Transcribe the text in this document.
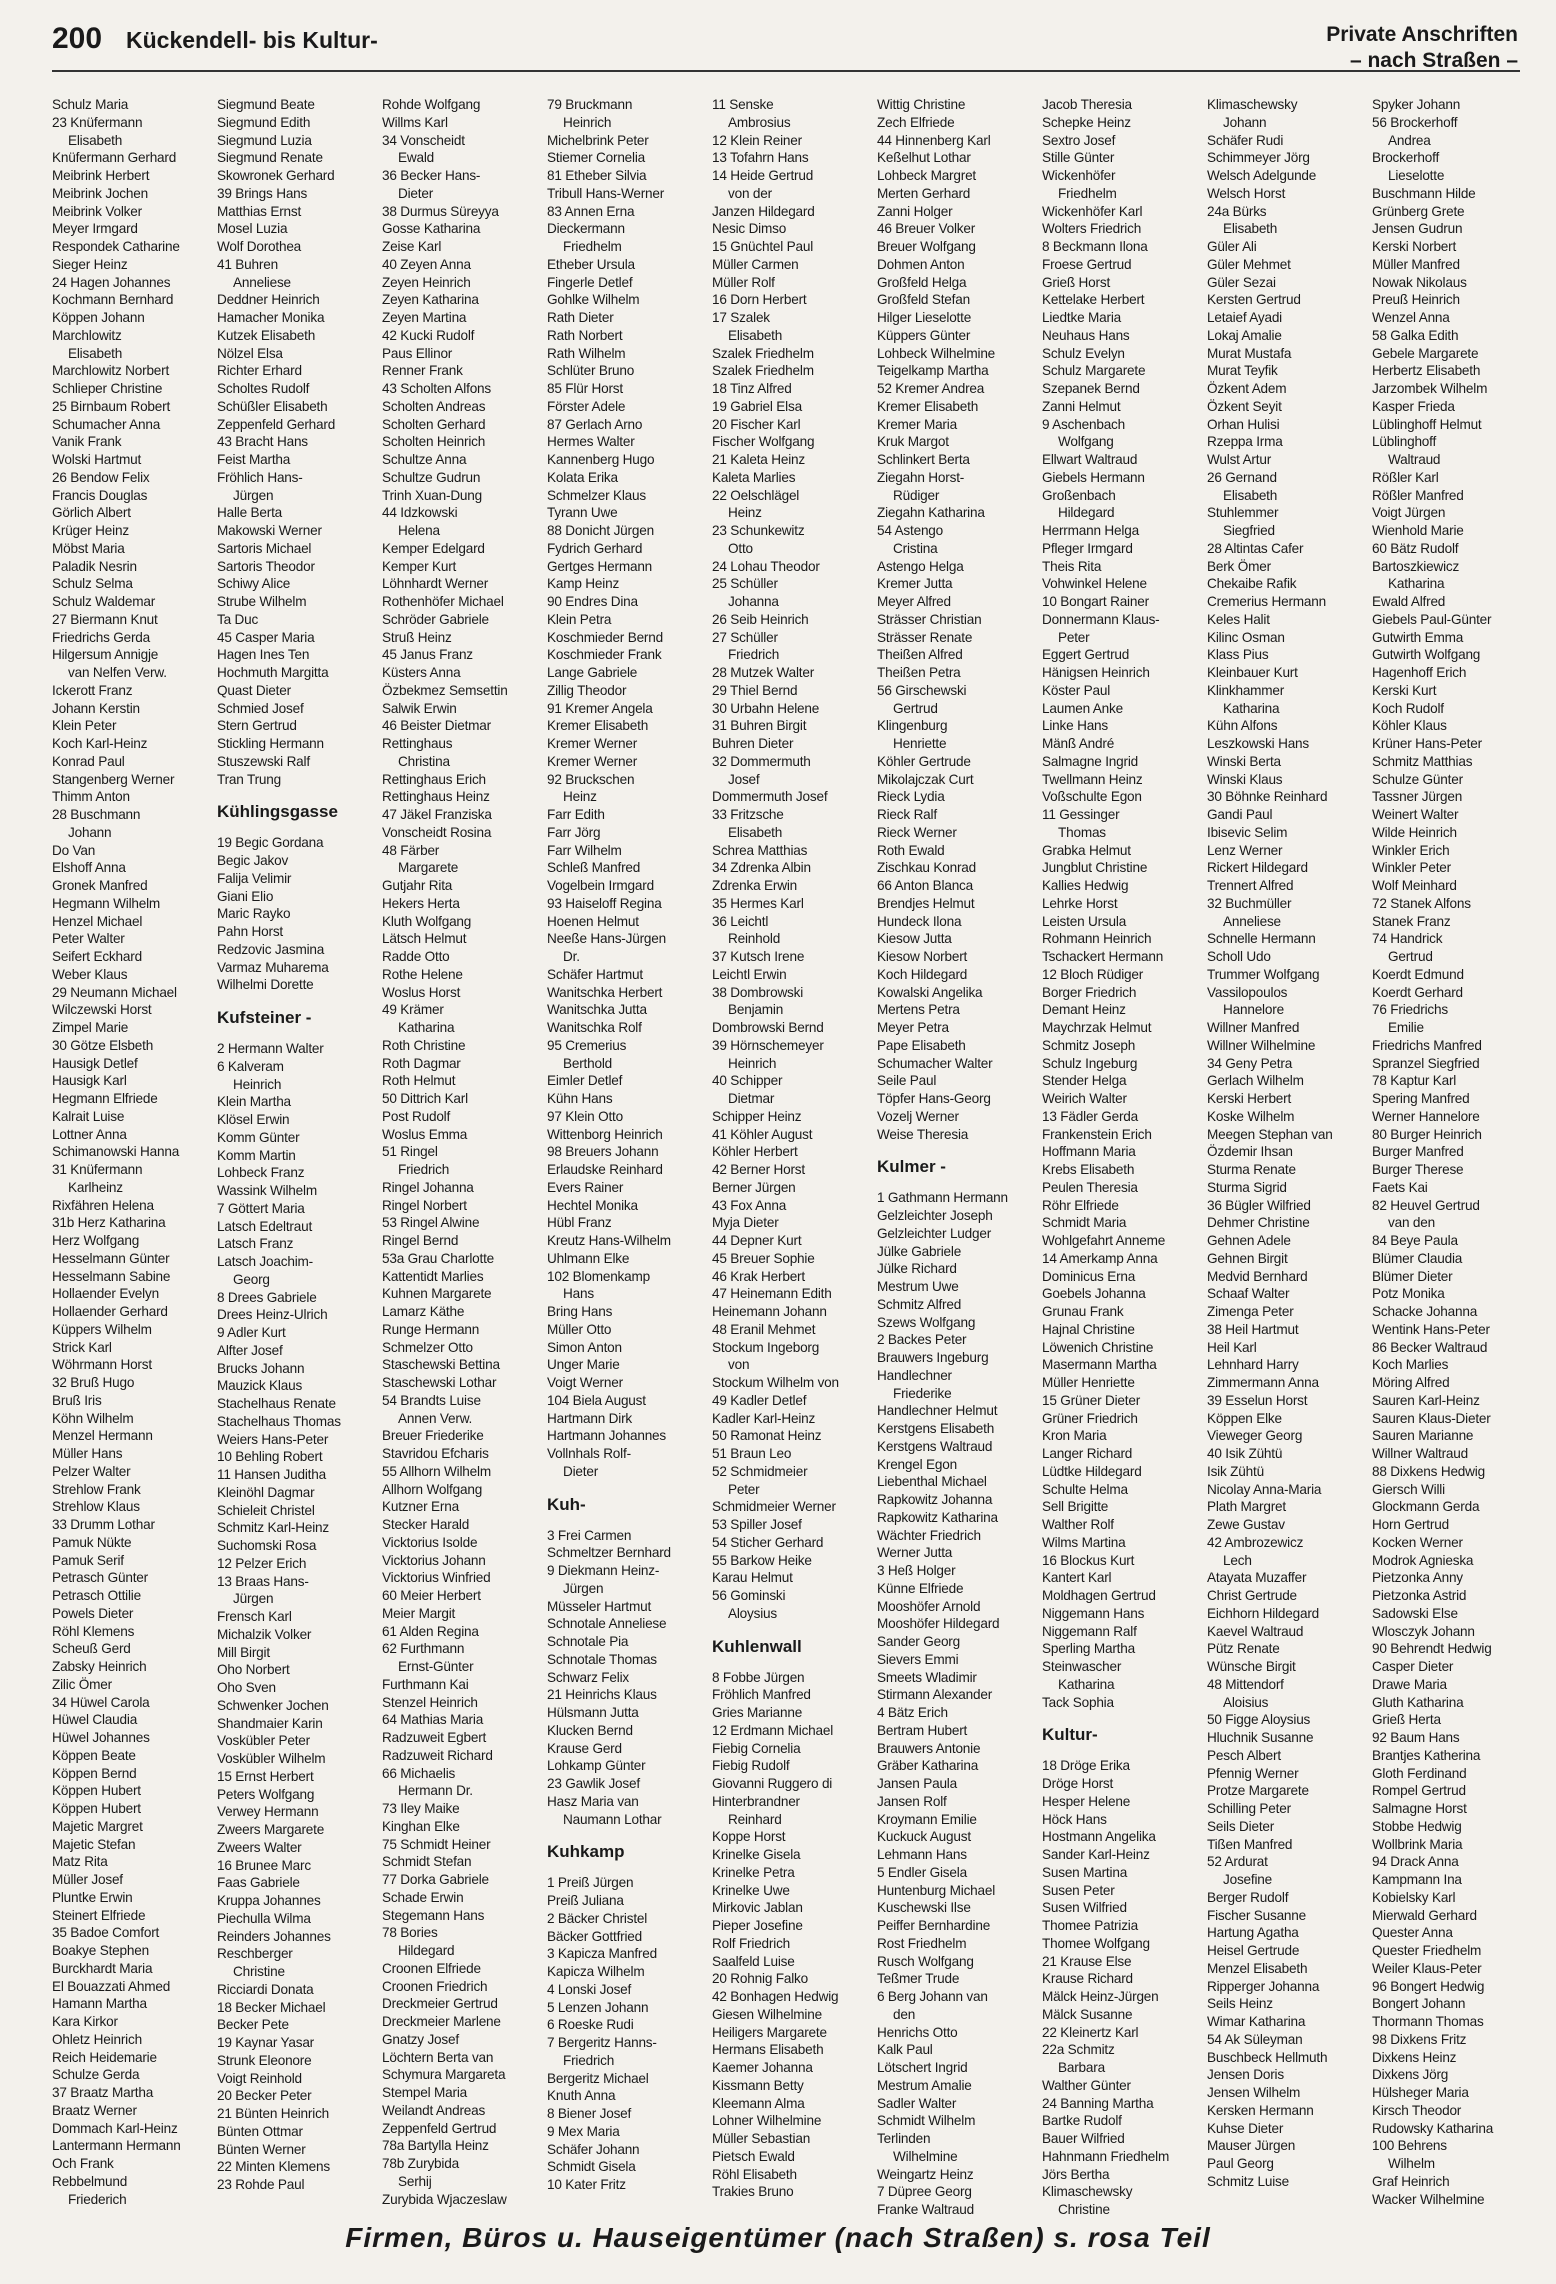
200 Kückendell- bis Kultur-	Private Anschriften
– nach Straßen –
Schulz Maria
23 Knüfermann
Elisabeth
Knüfermann Gerhard
Meibrink Herbert
Meibrink Jochen
Meibrink Volker
Meyer Irmgard
Respondek Catharine
Sieger Heinz
24 Hagen Johannes
Kochmann Bernhard
Köppen Johann
Marchlowitz
Elisabeth
Marchlowitz Norbert
Schlieper Christine
25 Birnbaum Robert
Schumacher Anna
Vanik Frank
Wolski Hartmut
26 Bendow Felix
Francis Douglas
Görlich Albert
Krüger Heinz
Möbst Maria
Paladik Nesrin
Schulz Selma
Schulz Waldemar
27 Biermann Knut
Friedrichs Gerda
Hilgersum Annigje
van Nelfen Verw.
Ickerott Franz
Johann Kerstin
Klein Peter
Koch Karl-Heinz
Konrad Paul
Stangenberg Werner
Thimm Anton
28 Buschmann
Johann
Do Van
Elshoff Anna
Gronek Manfred
Hegmann Wilhelm
Henzel Michael
Peter Walter
Seifert Eckhard
Weber Klaus
29 Neumann Michael
Wilczewski Horst
Zimpel Marie
30 Götze Elsbeth
Hausigk Detlef
Hausigk Karl
Hegmann Elfriede
Kalrait Luise
Lottner Anna
Schimanowski Hanna
31 Knüfermann
Karlheinz
Rixfähren Helena
31b Herz Katharina
Herz Wolfgang
Hesselmann Günter
Hesselmann Sabine
Hollaender Evelyn
Hollaender Gerhard
Küppers Wilhelm
Strick Karl
Wöhrmann Horst
32 Bruß Hugo
Bruß Iris
Köhn Wilhelm
Menzel Hermann
Müller Hans
Pelzer Walter
Strehlow Frank
Strehlow Klaus
33 Drumm Lothar
Pamuk Nükte
Pamuk Serif
Petrasch Günter
Petrasch Ottilie
Powels Dieter
Röhl Klemens
Scheuß Gerd
Zabsky Heinrich
Zilic Ömer
34 Hüwel Carola
Hüwel Claudia
Hüwel Johannes
Köppen Beate
Köppen Bernd
Köppen Hubert
Köppen Hubert
Majetic Margret
Majetic Stefan
Matz Rita
Müller Josef
Pluntke Erwin
Steinert Elfriede
35 Badoe Comfort
Boakye Stephen
Burckhardt Maria
El Bouazzati Ahmed
Hamann Martha
Kara Kirkor
Ohletz Heinrich
Reich Heidemarie
Schulze Gerda
37 Braatz Martha
Braatz Werner
Dommach Karl-Heinz
Lantermann Hermann
Och Frank
Rebbelmund
Friederich
Siegmund Beate
Siegmund Edith
Siegmund Luzia
Siegmund Renate
Skowronek Gerhard
39 Brings Hans
Matthias Ernst
Mosel Luzia
Wolf Dorothea
41 Buhren
Anneliese
Deddner Heinrich
Hamacher Monika
Kutzek Elisabeth
Nölzel Elsa
Richter Erhard
Scholtes Rudolf
Schüßler Elisabeth
Zeppenfeld Gerhard
43 Bracht Hans
Feist Martha
Fröhlich Hans-
Jürgen
Halle Berta
Makowski Werner
Sartoris Michael
Sartoris Theodor
Schiwy Alice
Strube Wilhelm
Ta Duc
45 Casper Maria
Hagen Ines Ten
Hochmuth Margitta
Quast Dieter
Schmied Josef
Stern Gertrud
Stickling Hermann
Stuszewski Ralf
Tran Trung
Kühlingsgasse
19 Begic Gordana
Begic Jakov
Falija Velimir
Giani Elio
Maric Rayko
Pahn Horst
Redzovic Jasmina
Varmaz Muharema
Wilhelmi Dorette
Kufsteiner -
2 Hermann Walter
6 Kalveram
Heinrich
Klein Martha
Klösel Erwin
Komm Günter
Komm Martin
Lohbeck Franz
Wassink Wilhelm
7 Göttert Maria
Latsch Edeltraut
Latsch Franz
Latsch Joachim-
Georg
8 Drees Gabriele
Drees Heinz-Ulrich
9 Adler Kurt
Alfter Josef
Brucks Johann
Mauzick Klaus
Stachelhaus Renate
Stachelhaus Thomas
Weiers Hans-Peter
10 Behling Robert
11 Hansen Juditha
Kleinöhl Dagmar
Schieleit Christel
Schmitz Karl-Heinz
Suchomski Rosa
12 Pelzer Erich
13 Braas Hans-
Jürgen
Frensch Karl
Michalzik Volker
Mill Birgit
Oho Norbert
Oho Sven
Schwenker Jochen
Shandmaier Karin
Voskübler Peter
Voskübler Wilhelm
15 Ernst Herbert
Peters Wolfgang
Verwey Hermann
Zweers Margarete
Zweers Walter
16 Brunee Marc
Faas Gabriele
Kruppa Johannes
Piechulla Wilma
Reinders Johannes
Reschberger
Christine
Ricciardi Donata
18 Becker Michael
Becker Pete
19 Kaynar Yasar
Strunk Eleonore
Voigt Reinhold
20 Becker Peter
21 Bünten Heinrich
Bünten Ottmar
Bünten Werner
22 Minten Klemens
23 Rohde Paul
Rohde Wolfgang
Willms Karl
34 Vonscheidt
Ewald
36 Becker Hans-
Dieter
38 Durmus Süreyya
Gosse Katharina
Zeise Karl
40 Zeyen Anna
Zeyen Heinrich
Zeyen Katharina
Zeyen Martina
42 Kucki Rudolf
Paus Ellinor
Renner Frank
43 Scholten Alfons
Scholten Andreas
Scholten Gerhard
Scholten Heinrich
Schultze Anna
Schultze Gudrun
Trinh Xuan-Dung
44 Idzkowski
Helena
Kemper Edelgard
Kemper Kurt
Löhnhardt Werner
Rothenhöfer Michael
Schröder Gabriele
Struß Heinz
45 Janus Franz
Küsters Anna
Özbekmez Semsettin
Salwik Erwin
46 Beister Dietmar
Rettinghaus
Christina
Rettinghaus Erich
Rettinghaus Heinz
47 Jäkel Franziska
Vonscheidt Rosina
48 Färber
Margarete
Gutjahr Rita
Hekers Herta
Kluth Wolfgang
Lätsch Helmut
Radde Otto
Rothe Helene
Woslus Horst
49 Krämer
Katharina
Roth Christine
Roth Dagmar
Roth Helmut
50 Dittrich Karl
Post Rudolf
Woslus Emma
51 Ringel
Friedrich
Ringel Johanna
Ringel Norbert
53 Ringel Alwine
Ringel Bernd
53a Grau Charlotte
Kattentidt Marlies
Kuhnen Margarete
Lamarz Käthe
Runge Hermann
Schmelzer Otto
Staschewski Bettina
Staschewski Lothar
54 Brandts Luise
Annen Verw.
Breuer Friederike
Stavridou Efcharis
55 Allhorn Wilhelm
Allhorn Wolfgang
Kutzner Erna
Stecker Harald
Vicktorius Isolde
Vicktorius Johann
Vicktorius Winfried
60 Meier Herbert
Meier Margit
61 Alden Regina
62 Furthmann
Ernst-Günter
Furthmann Kai
Stenzel Heinrich
64 Mathias Maria
Radzuweit Egbert
Radzuweit Richard
66 Michaelis
Hermann Dr.
73 Iley Maike
Kinghan Elke
75 Schmidt Heiner
Schmidt Stefan
77 Dorka Gabriele
Schade Erwin
Stegemann Hans
78 Bories
Hildegard
Croonen Elfriede
Croonen Friedrich
Dreckmeier Gertrud
Dreckmeier Marlene
Gnatzy Josef
Löchtern Berta van
Schymura Margareta
Stempel Maria
Weilandt Andreas
Zeppenfeld Gertrud
78a Bartylla Heinz
78b Zurybida
Serhij
Zurybida Wjaczeslaw
79 Bruckmann
Heinrich
Michelbrink Peter
Stiemer Cornelia
81 Etheber Silvia
Tribull Hans-Werner
83 Annen Erna
Dieckermann
Friedhelm
Etheber Ursula
Fingerle Detlef
Gohlke Wilhelm
Rath Dieter
Rath Norbert
Rath Wilhelm
Schlüter Bruno
85 Flür Horst
Förster Adele
87 Gerlach Arno
Hermes Walter
Kannenberg Hugo
Kolata Erika
Schmelzer Klaus
Tyrann Uwe
88 Donicht Jürgen
Fydrich Gerhard
Gertges Hermann
Kamp Heinz
90 Endres Dina
Klein Petra
Koschmieder Bernd
Koschmieder Frank
Lange Gabriele
Zillig Theodor
91 Kremer Angela
Kremer Elisabeth
Kremer Werner
Kremer Werner
92 Bruckschen
Heinz
Farr Edith
Farr Jörg
Farr Wilhelm
Schleß Manfred
Vogelbein Irmgard
93 Haiseloff Regina
Hoenen Helmut
Neeße Hans-Jürgen
Dr.
Schäfer Hartmut
Wanitschka Herbert
Wanitschka Jutta
Wanitschka Rolf
95 Cremerius
Berthold
Eimler Detlef
Kühn Hans
97 Klein Otto
Wittenborg Heinrich
98 Breuers Johann
Erlaudske Reinhard
Evers Rainer
Hechtel Monika
Hübl Franz
Kreutz Hans-Wilhelm
Uhlmann Elke
102 Blomenkamp
Hans
Bring Hans
Müller Otto
Simon Anton
Unger Marie
Voigt Werner
104 Biela August
Hartmann Dirk
Hartmann Johannes
Vollnhals Rolf-
Dieter
Kuh-
3 Frei Carmen
Schmeltzer Bernhard
9 Diekmann Heinz-
Jürgen
Müsseler Hartmut
Schnotale Anneliese
Schnotale Pia
Schnotale Thomas
Schwarz Felix
21 Heinrichs Klaus
Hülsmann Jutta
Klucken Bernd
Krause Gerd
Lohkamp Günter
23 Gawlik Josef
Hasz Maria van
Naumann Lothar
Kuhkamp
1 Preiß Jürgen
Preiß Juliana
2 Bäcker Christel
Bäcker Gottfried
3 Kapicza Manfred
Kapicza Wilhelm
4 Lonski Josef
5 Lenzen Johann
6 Roeske Rudi
7 Bergeritz Hanns-
Friedrich
Bergeritz Michael
Knuth Anna
8 Biener Josef
9 Mex Maria
Schäfer Johann
Schmidt Gisela
10 Kater Fritz
11 Senske
Ambrosius
12 Klein Reiner
13 Tofahrn Hans
14 Heide Gertrud
von der
Janzen Hildegard
Nesic Dimso
15 Gnüchtel Paul
Müller Carmen
Müller Rolf
16 Dorn Herbert
17 Szalek
Elisabeth
Szalek Friedhelm
Szalek Friedhelm
18 Tinz Alfred
19 Gabriel Elsa
20 Fischer Karl
Fischer Wolfgang
21 Kaleta Heinz
Kaleta Marlies
22 Oelschlägel
Heinz
23 Schunkewitz
Otto
24 Lohau Theodor
25 Schüller
Johanna
26 Seib Heinrich
27 Schüller
Friedrich
28 Mutzek Walter
29 Thiel Bernd
30 Urbahn Helene
31 Buhren Birgit
Buhren Dieter
32 Dommermuth
Josef
Dommermuth Josef
33 Fritzsche
Elisabeth
Schrea Matthias
34 Zdrenka Albin
Zdrenka Erwin
35 Hermes Karl
36 Leichtl
Reinhold
37 Kutsch Irene
Leichtl Erwin
38 Dombrowski
Benjamin
Dombrowski Bernd
39 Hörnschemeyer
Heinrich
40 Schipper
Dietmar
Schipper Heinz
41 Köhler August
Köhler Herbert
42 Berner Horst
Berner Jürgen
43 Fox Anna
Myja Dieter
44 Depner Kurt
45 Breuer Sophie
46 Krak Herbert
47 Heinemann Edith
Heinemann Johann
48 Eranil Mehmet
Stockum Ingeborg
von
Stockum Wilhelm von
49 Kadler Detlef
Kadler Karl-Heinz
50 Ramonat Heinz
51 Braun Leo
52 Schmidmeier
Peter
Schmidmeier Werner
53 Spiller Josef
54 Sticher Gerhard
55 Barkow Heike
Karau Helmut
56 Gominski
Aloysius
Kuhlenwall
8 Fobbe Jürgen
Fröhlich Manfred
Gries Marianne
12 Erdmann Michael
Fiebig Cornelia
Fiebig Rudolf
Giovanni Ruggero di
Hinterbrandner
Reinhard
Koppe Horst
Krinelke Gisela
Krinelke Petra
Krinelke Uwe
Mirkovic Jablan
Pieper Josefine
Rolf Friedrich
Saalfeld Luise
20 Rohnig Falko
42 Bonhagen Hedwig
Giesen Wilhelmine
Heiligers Margarete
Hermans Elisabeth
Kaemer Johanna
Kissmann Betty
Kleemann Alma
Lohner Wilhelmine
Müller Sebastian
Pietsch Ewald
Röhl Elisabeth
Trakies Bruno
Wittig Christine
Zech Elfriede
44 Hinnenberg Karl
Keßelhut Lothar
Lohbeck Margret
Merten Gerhard
Zanni Holger
46 Breuer Volker
Breuer Wolfgang
Dohmen Anton
Großfeld Helga
Großfeld Stefan
Hilger Lieselotte
Küppers Günter
Lohbeck Wilhelmine
Teigelkamp Martha
52 Kremer Andrea
Kremer Elisabeth
Kremer Maria
Kruk Margot
Schlinkert Berta
Ziegahn Horst-
Rüdiger
Ziegahn Katharina
54 Astengo
Cristina
Astengo Helga
Kremer Jutta
Meyer Alfred
Strässer Christian
Strässer Renate
Theißen Alfred
Theißen Petra
56 Girschewski
Gertrud
Klingenburg
Henriette
Köhler Gertrude
Mikolajczak Curt
Rieck Lydia
Rieck Ralf
Rieck Werner
Roth Ewald
Zischkau Konrad
66 Anton Blanca
Brendjes Helmut
Hundeck Ilona
Kiesow Jutta
Kiesow Norbert
Koch Hildegard
Kowalski Angelika
Mertens Petra
Meyer Petra
Pape Elisabeth
Schumacher Walter
Seile Paul
Töpfer Hans-Georg
Vozelj Werner
Weise Theresia
Kulmer -
1 Gathmann Hermann
Gelzleichter Joseph
Gelzleichter Ludger
Jülke Gabriele
Jülke Richard
Mestrum Uwe
Schmitz Alfred
Szews Wolfgang
2 Backes Peter
Brauwers Ingeburg
Handlechner
Friederike
Handlechner Helmut
Kerstgens Elisabeth
Kerstgens Waltraud
Krengel Egon
Liebenthal Michael
Rapkowitz Johanna
Rapkowitz Katharina
Wächter Friedrich
Werner Jutta
3 Heß Holger
Künne Elfriede
Mooshöfer Arnold
Mooshöfer Hildegard
Sander Georg
Sievers Emmi
Smeets Wladimir
Stirmann Alexander
4 Bätz Erich
Bertram Hubert
Brauwers Antonie
Gräber Katharina
Jansen Paula
Jansen Rolf
Kroymann Emilie
Kuckuck August
Lehmann Hans
5 Endler Gisela
Huntenburg Michael
Kuschewski Ilse
Peiffer Bernhardine
Rost Friedhelm
Rusch Wolfgang
Teßmer Trude
6 Berg Johann van
den
Henrichs Otto
Kalk Paul
Lötschert Ingrid
Mestrum Amalie
Sadler Walter
Schmidt Wilhelm
Terlinden
Wilhelmine
Weingartz Heinz
7 Düpree Georg
Franke Waltraud
Jacob Theresia
Schepke Heinz
Sextro Josef
Stille Günter
Wickenhöfer
Friedhelm
Wickenhöfer Karl
Wolters Friedrich
8 Beckmann Ilona
Froese Gertrud
Grieß Horst
Kettelake Herbert
Liedtke Maria
Neuhaus Hans
Schulz Evelyn
Schulz Margarete
Szepanek Bernd
Zanni Helmut
9 Aschenbach
Wolfgang
Ellwart Waltraud
Giebels Hermann
Großenbach
Hildegard
Herrmann Helga
Pfleger Irmgard
Theis Rita
Vohwinkel Helene
10 Bongart Rainer
Donnermann Klaus-
Peter
Eggert Gertrud
Hänigsen Heinrich
Köster Paul
Laumen Anke
Linke Hans
Mänß André
Salmagne Ingrid
Twellmann Heinz
Voßschulte Egon
11 Gessinger
Thomas
Grabka Helmut
Jungblut Christine
Kallies Hedwig
Lehrke Horst
Leisten Ursula
Rohmann Heinrich
Tschackert Hermann
12 Bloch Rüdiger
Borger Friedrich
Demant Heinz
Maychrzak Helmut
Schmitz Joseph
Schulz Ingeburg
Stender Helga
Weirich Walter
13 Fädler Gerda
Frankenstein Erich
Hoffmann Maria
Krebs Elisabeth
Peulen Theresia
Röhr Elfriede
Schmidt Maria
Wohlgefahrt Anneme
14 Amerkamp Anna
Dominicus Erna
Goebels Johanna
Grunau Frank
Hajnal Christine
Löwenich Christine
Masermann Martha
Müller Henriette
15 Grüner Dieter
Grüner Friedrich
Kron Maria
Langer Richard
Lüdtke Hildegard
Schulte Helma
Sell Brigitte
Walther Rolf
Wilms Martina
16 Blockus Kurt
Kantert Karl
Moldhagen Gertrud
Niggemann Hans
Niggemann Ralf
Sperling Martha
Steinwascher
Katharina
Tack Sophia
Kultur-
18 Dröge Erika
Dröge Horst
Hesper Helene
Höck Hans
Hostmann Angelika
Sander Karl-Heinz
Susen Martina
Susen Peter
Susen Wilfried
Thomee Patrizia
Thomee Wolfgang
21 Krause Else
Krause Richard
Mälck Heinz-Jürgen
Mälck Susanne
22 Kleinertz Karl
22a Schmitz
Barbara
Walther Günter
24 Banning Martha
Bartke Rudolf
Bauer Wilfried
Hahnmann Friedhelm
Jörs Bertha
Klimaschewsky
Christine
Klimaschewsky
Johann
Schäfer Rudi
Schimmeyer Jörg
Welsch Adelgunde
Welsch Horst
24a Bürks
Elisabeth
Güler Ali
Güler Mehmet
Güler Sezai
Kersten Gertrud
Letaief Ayadi
Lokaj Amalie
Murat Mustafa
Murat Teyfik
Özkent Adem
Özkent Seyit
Orhan Hulisi
Rzeppa Irma
Wulst Artur
26 Gernand
Elisabeth
Stuhlemmer
Siegfried
28 Altintas Cafer
Berk Ömer
Chekaibe Rafik
Cremerius Hermann
Keles Halit
Kilinc Osman
Klass Pius
Kleinbauer Kurt
Klinkhammer
Katharina
Kühn Alfons
Leszkowski Hans
Winski Berta
Winski Klaus
30 Böhnke Reinhard
Gandi Paul
Ibisevic Selim
Lenz Werner
Rickert Hildegard
Trennert Alfred
32 Buchmüller
Anneliese
Schnelle Hermann
Scholl Udo
Trummer Wolfgang
Vassilopoulos
Hannelore
Willner Manfred
Willner Wilhelmine
34 Geny Petra
Gerlach Wilhelm
Kerski Herbert
Koske Wilhelm
Meegen Stephan van
Özdemir Ihsan
Sturma Renate
Sturma Sigrid
36 Bügler Wilfried
Dehmer Christine
Gehnen Adele
Gehnen Birgit
Medvid Bernhard
Schaaf Walter
Zimenga Peter
38 Heil Hartmut
Heil Karl
Lehnhard Harry
Zimmermann Anna
39 Esselun Horst
Köppen Elke
Vieweger Georg
40 Isik Zühtü
Isik Zühtü
Nicolay Anna-Maria
Plath Margret
Zewe Gustav
42 Ambrozewicz
Lech
Atayata Muzaffer
Christ Gertrude
Eichhorn Hildegard
Kaevel Waltraud
Pütz Renate
Wünsche Birgit
48 Mittendorf
Aloisius
50 Figge Aloysius
Hluchnik Susanne
Pesch Albert
Pfennig Werner
Protze Margarete
Schilling Peter
Seils Dieter
Tißen Manfred
52 Ardurat
Josefine
Berger Rudolf
Fischer Susanne
Hartung Agatha
Heisel Gertrude
Menzel Elisabeth
Ripperger Johanna
Seils Heinz
Wimar Katharina
54 Ak Süleyman
Buschbeck Hellmuth
Jensen Doris
Jensen Wilhelm
Kersken Hermann
Kuhse Dieter
Mauser Jürgen
Paul Georg
Schmitz Luise
Spyker Johann
56 Brockerhoff
Andrea
Brockerhoff
Lieselotte
Buschmann Hilde
Grünberg Grete
Jensen Gudrun
Kerski Norbert
Müller Manfred
Nowak Nikolaus
Preuß Heinrich
Wenzel Anna
58 Galka Edith
Gebele Margarete
Herbertz Elisabeth
Jarzombek Wilhelm
Kasper Frieda
Lüblinghoff Helmut
Lüblinghoff
Waltraud
Rößler Karl
Rößler Manfred
Voigt Jürgen
Wienhold Marie
60 Bätz Rudolf
Bartoszkiewicz
Katharina
Ewald Alfred
Giebels Paul-Günter
Gutwirth Emma
Gutwirth Wolfgang
Hagenhoff Erich
Kerski Kurt
Koch Rudolf
Köhler Klaus
Krüner Hans-Peter
Schmitz Matthias
Schulze Günter
Tassner Jürgen
Weinert Walter
Wilde Heinrich
Winkler Erich
Winkler Peter
Wolf Meinhard
72 Stanek Alfons
Stanek Franz
74 Handrick
Gertrud
Koerdt Edmund
Koerdt Gerhard
76 Friedrichs
Emilie
Friedrichs Manfred
Spranzel Siegfried
78 Kaptur Karl
Spering Manfred
Werner Hannelore
80 Burger Heinrich
Burger Manfred
Burger Therese
Faets Kai
82 Heuvel Gertrud
van den
84 Beye Paula
Blümer Claudia
Blümer Dieter
Potz Monika
Schacke Johanna
Wentink Hans-Peter
86 Becker Waltraud
Koch Marlies
Möring Alfred
Sauren Karl-Heinz
Sauren Klaus-Dieter
Sauren Marianne
Willner Waltraud
88 Dixkens Hedwig
Giersch Willi
Glockmann Gerda
Horn Gertrud
Kocken Werner
Modrok Agnieska
Pietzonka Anny
Pietzonka Astrid
Sadowski Else
Wlosczyk Johann
90 Behrendt Hedwig
Casper Dieter
Drawe Maria
Gluth Katharina
Grieß Herta
92 Baum Hans
Brantjes Katherina
Gloth Ferdinand
Rompel Gertrud
Salmagne Horst
Stobbe Hedwig
Wollbrink Maria
94 Drack Anna
Kampmann Ina
Kobielsky Karl
Mierwald Gerhard
Quester Anna
Quester Friedhelm
Weiler Klaus-Peter
96 Bongert Hedwig
Bongert Johann
Thormann Thomas
98 Dixkens Fritz
Dixkens Heinz
Dixkens Jörg
Hülsheger Maria
Kirsch Theodor
Rudowsky Katharina
100 Behrens
Wilhelm
Graf Heinrich
Wacker Wilhelmine
Firmen, Büros u. Hauseigentümer (nach Straßen) s. rosa Teil
